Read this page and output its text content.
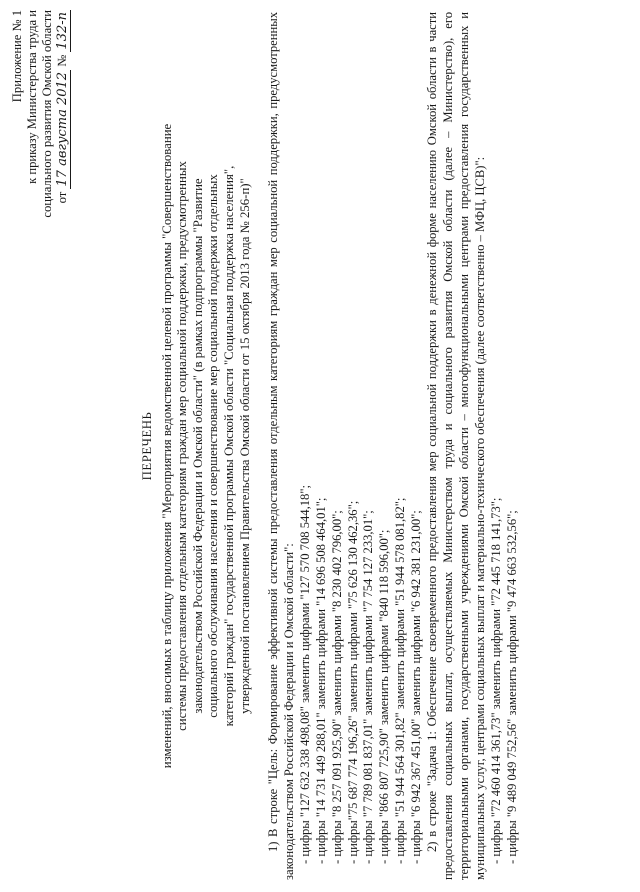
Приложение № 1 к приказу Министерства труда и социального развития Омской области от 17 августа 2012 № 132-п
ПЕРЕЧЕНЬ изменений, вносимых в таблицу приложения "Мероприятия ведомственной целевой программы "Совершенствование системы предоставления отдельным категориям граждан мер социальной поддержки, предусмотренных законодательством Российской Федерации и Омской области" (в рамках подпрограммы "Развитие социального обслуживания населения и совершенствование мер социальной поддержки отдельных категорий граждан" государственной программы Омской области "Социальная поддержка населения", утвержденной постановлением Правительства Омской области от 15 октября 2013 года № 256-п)" 1) В строке "Цель: Формирование эффективной системы предоставления отдельным категориям граждан мер социальной поддержки, предусмотренных законодательством Российской Федерации и Омской области": - цифры "127 632 338 498,08" заменить цифрами "127 570 708 544,18"; - цифры "14 731 449 288,01" заменить цифрами "14 696 508 464,01"; - цифры "8 257 091 925,90" заменить цифрами "8 230 402 796,00"; - цифры"75 687 774 196,26" заменить цифрами "75 626 130 462,36"; - цифры "7 789 081 837,01" заменить цифрами "7 754 127 233,01"; - цифры "866 807 725,90" заменить цифрами "840 118 596,00"; - цифры "51 944 564 301,82" заменить цифрами "51 944 578 081,82"; - цифры "6 942 367 451,00" заменить цифрами "6 942 381 231,00"; 2) в строке "Задача 1: Обеспечение своевременного предоставления мер социальной поддержки в денежной форме населению Омской области в части предоставления социальных выплат, осуществляемых Министерством труда и социального развития Омской области (далее – Министерство), его территориальными органами, государственными учреждениями Омской области – многофункциональными центрами предоставления государственных и муниципальных услуг, центрами социальных выплат и материально-технического обеспечения (далее соответственно – МФЦ, ЦСВ)": - цифры "72 460 414 361,73" заменить цифрами "72 445 718 141,73"; - цифры "9 489 049 752,56" заменить цифрами "9 474 663 532,56";
